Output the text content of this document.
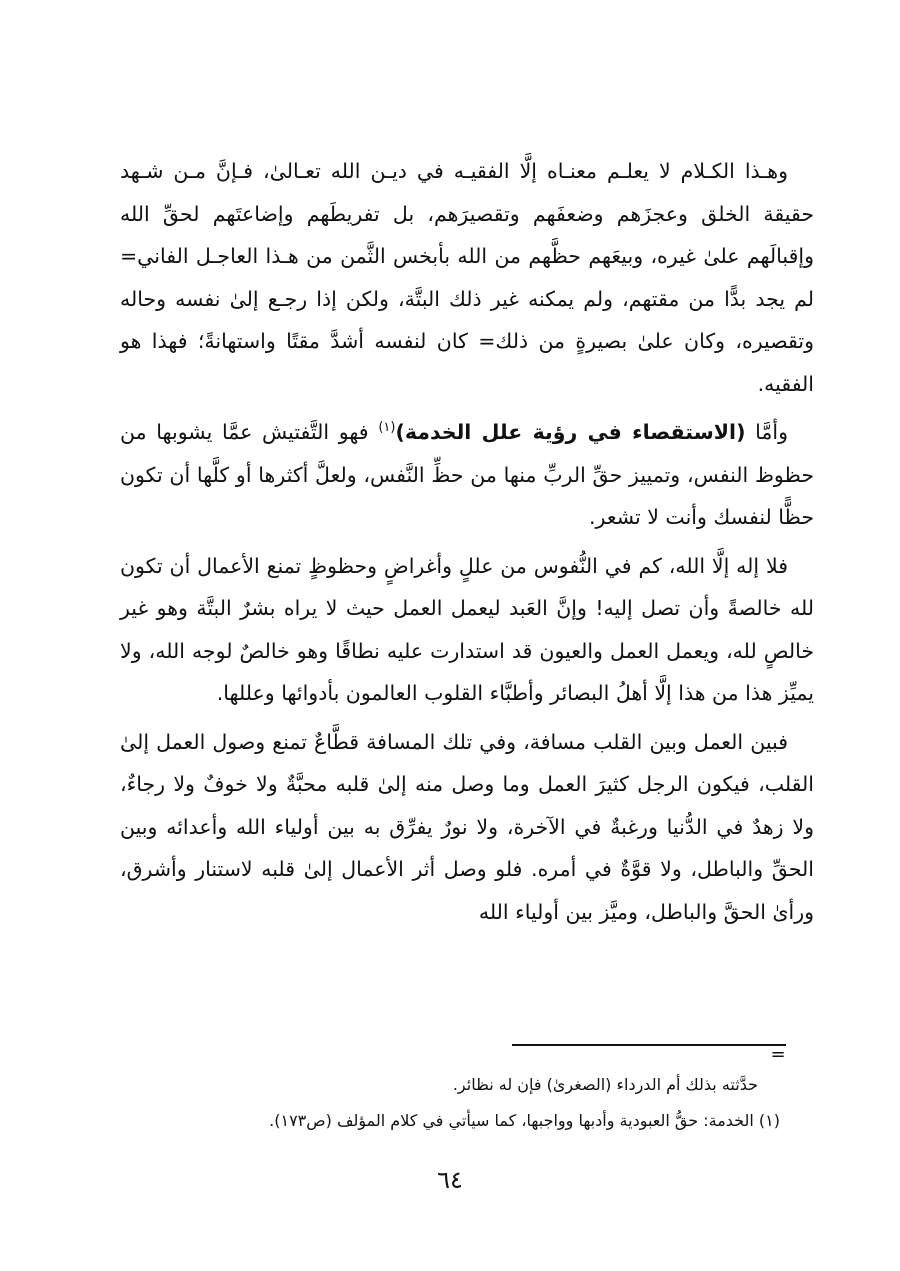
وهـذا الكـلام لا يعلـم معنـاه إلَّا الفقيـه في ديـن الله تعـالىٰ، فـإنَّ مـن شـهد حقيقة الخلق وعجزَهم وضعفَهم وتقصيرَهم، بل تفريطَهم وإضاعتَهم لحقِّ الله وإقبالَهم علىٰ غيره، وبيعَهم حظَّهم من الله بأبخس الثَّمن من هـذا العاجـل الفاني= لم يجد بدًّا من مقتهم، ولم يمكنه غير ذلك البتَّة، ولكن إذا رجـع إلىٰ نفسه وحاله وتقصيره، وكان علىٰ بصيرةٍ من ذلك= كان لنفسه أشدَّ مقتًا واستهانةً؛ فهذا هو الفقيه.

وأمَّا (الاستقصاء في رؤية علل الخدمة)$^{(١)}$ فهو التَّفتيش عمَّا يشوبها من حظوظ النفس، وتمييز حقِّ الربِّ منها من حظِّ النَّفس، ولعلَّ أكثرها أو كلَّها أن تكون حظًّا لنفسك وأنت لا تشعر.

فلا إله إلَّا الله، كم في النُّفوس من عللٍ وأغراضٍ وحظوظٍ تمنع الأعمال أن تكون لله خالصةً وأن تصل إليه! وإنَّ العَبد ليعمل العمل حيث لا يراه بشرٌ البتَّة وهو غير خالصٍ لله، ويعمل العمل والعيون قد استدارت عليه نطاقًا وهو خالصٌ لوجه الله، ولا يميِّز هذا من هذا إلَّا أهلُ البصائر وأطبَّاء القلوب العالمون بأدوائها وعللها.

فبين العمل وبين القلب مسافة، وفي تلك المسافة قطَّاعٌ تمنع وصول العمل إلىٰ القلب، فيكون الرجل كثيرَ العمل وما وصل منه إلىٰ قلبه محبَّةٌ ولا خوفٌ ولا رجاءٌ، ولا زهدٌ في الدُّنيا ورغبةٌ في الآخرة، ولا نورٌ يفرِّق به بين أولياء الله وأعدائه وبين الحقِّ والباطل، ولا قوَّةٌ في أمره. فلو وصل أثر الأعمال إلىٰ قلبه لاستنار وأشرق، ورأىٰ الحقَّ والباطل، وميَّز بين أولياء الله

=

حدَّثته بذلك أم الدرداء (الصغرىٰ) فإن له نظائر.

(١) الخدمة: حقُّ العبودية وأدبها وواجبها، كما سيأتي في كلام المؤلف (ص١٧٣).

٦٤
